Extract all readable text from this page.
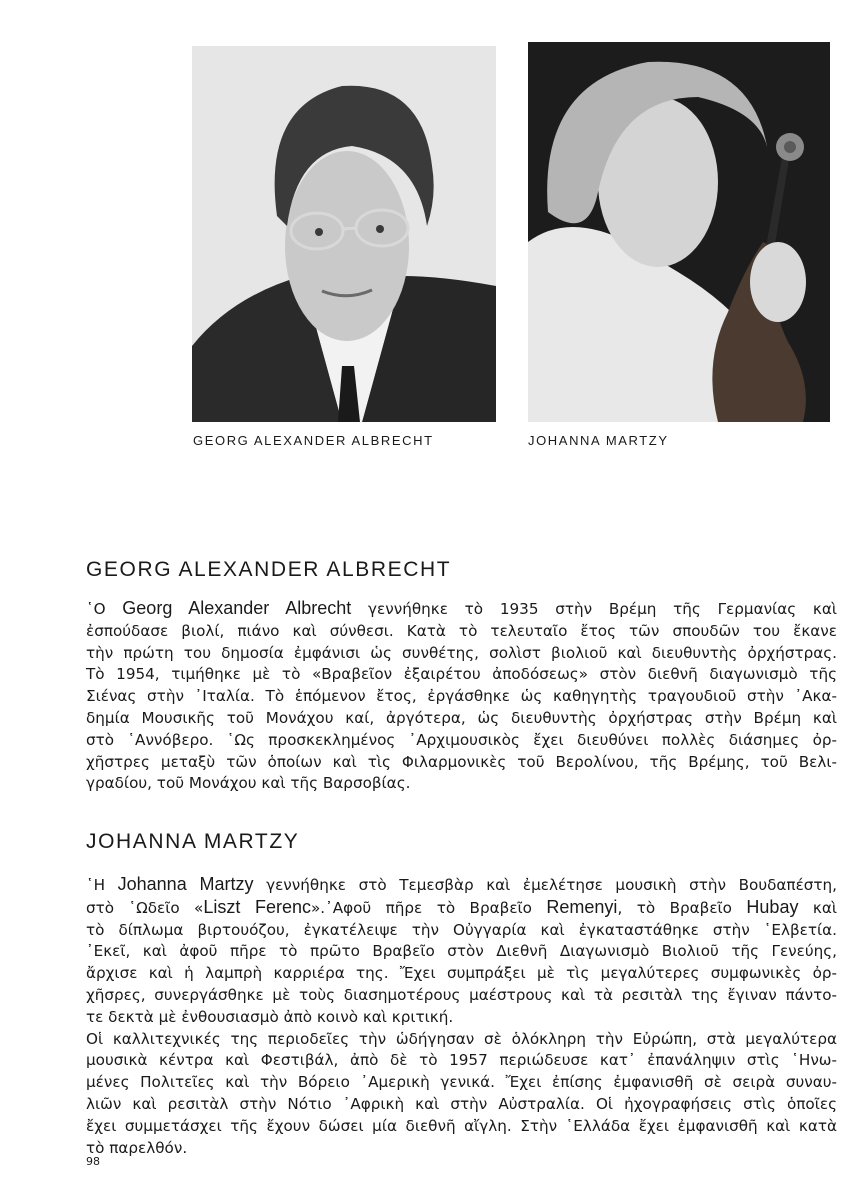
GEORG ALEXANDER ALBRECHT	JOHANNA MARTZY
GEORG ALEXANDER ALBRECHT
῾Ο Georg Alexander Albrecht γεννήθηκε τὸ 1935 στὴν Βρέμη τῆς Γερμανίας καὶ
ἐσπούδασε βιολί, πιάνο καὶ σύνθεσι. Κατὰ τὸ τελευταῖο ἔτος τῶν σπουδῶν του ἔκανε
τὴν πρώτη του δημοσία ἐμφάνισι ὡς συνθέτης, σολὶστ βιολιοῦ καὶ διευθυντὴς ὀρχήστρας.
Τὸ 1954, τιμήθηκε μὲ τὸ «Βραβεῖον ἐξαιρέτου ἀποδόσεως» στὸν διεθνῆ διαγωνισμὸ τῆς
Σιένας στὴν ᾿Ιταλία. Τὸ ἑπόμενον ἔτος, ἐργάσθηκε ὡς καθηγητὴς τραγουδιοῦ στὴν ᾿Ακα-
δημία Μουσικῆς τοῦ Μονάχου καί, ἀργότερα, ὡς διευθυντὴς ὀρχήστρας στὴν Βρέμη καὶ
στὸ ῾Αννόβερο. ῾Ως προσκεκλημένος ᾿Αρχιμουσικὸς ἔχει διευθύνει πολλὲς διάσημες ὀρ-
χῆστρες μεταξὺ τῶν ὁποίων καὶ τὶς Φιλαρμονικὲς τοῦ Βερολίνου, τῆς Βρέμης, τοῦ Βελι-
γραδίου, τοῦ Μονάχου καὶ τῆς Βαρσοβίας.
JOHANNA MARTZY
῾Η Johanna Martzy γεννήθηκε στὸ Τεμεσβὰρ καὶ ἐμελέτησε μουσικὴ στὴν Βουδαπέστη,
στὸ ῾Ωδεῖο «Liszt Ferenc».᾿Αφοῦ πῆρε τὸ Βραβεῖο Remenyi, τὸ Βραβεῖο Hubay καὶ
τὸ δίπλωμα βιρτουόζου, ἐγκατέλειψε τὴν Οὐγγαρία καὶ ἐγκαταστάθηκε στὴν ῾Ελβετία.
᾿Εκεῖ, καὶ ἀφοῦ πῆρε τὸ πρῶτο Βραβεῖο στὸν Διεθνῆ Διαγωνισμὸ Βιολιοῦ τῆς Γενεύης,
ἄρχισε καὶ ἡ λαμπρὴ καρριέρα της. Ἔχει συμπράξει μὲ τὶς μεγαλύτερες συμφωνικὲς ὀρ-
χῆσρες, συνεργάσθηκε μὲ τοὺς διασημοτέρους μαέστρους καὶ τὰ ρεσιτὰλ της ἔγιναν πάντο-
τε δεκτὰ μὲ ἐνθουσιασμὸ ἀπὸ κοινὸ καὶ κριτική.
Οἱ καλλιτεχνικές της περιοδεῖες τὴν ὡδήγησαν σὲ ὁλόκληρη τὴν Εὐρώπη, στὰ μεγαλύτερα
μουσικὰ κέντρα καὶ Φεστιβάλ, ἀπὸ δὲ τὸ 1957 περιώδευσε κατ᾿ ἐπανάληψιν στὶς ῾Ηνω-
μένες Πολιτεῖες καὶ τὴν Βόρειο ᾿Αμερικὴ γενικά. Ἔχει ἐπίσης ἐμφανισθῆ σὲ σειρὰ συναυ-
λιῶν καὶ ρεσιτὰλ στὴν Νότιο ᾿Αφρικὴ καὶ στὴν Αὐστραλία. Οἱ ἠχογραφήσεις στὶς ὁποῖες
ἔχει συμμετάσχει τῆς ἔχουν δώσει μία διεθνῆ αἴγλη. Στὴν ῾Ελλάδα ἔχει ἐμφανισθῆ καὶ κατὰ
τὸ παρελθόν.
98
